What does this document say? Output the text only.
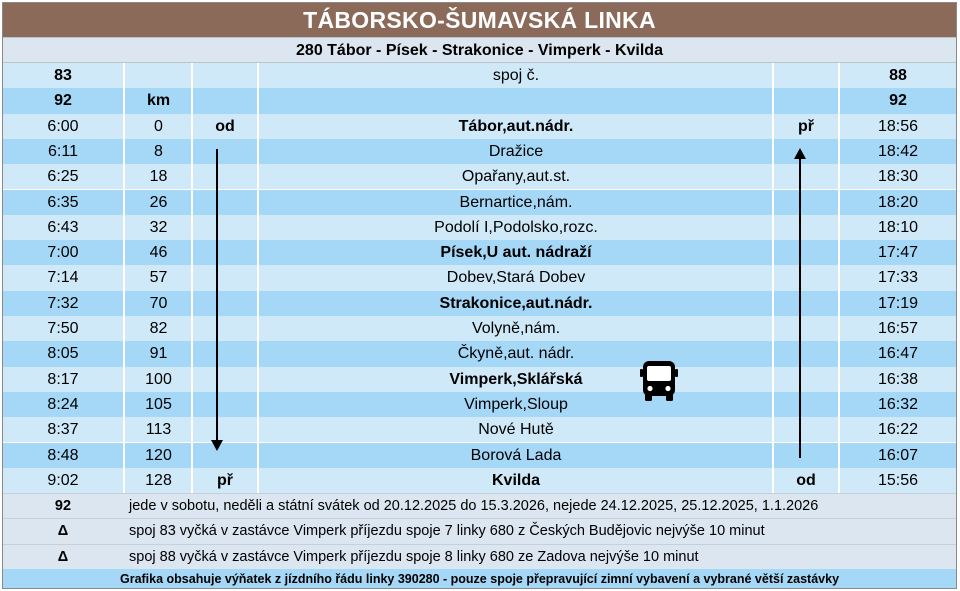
TÁBORSKO-ŠUMAVSKÁ LINKA
280 Tábor - Písek - Strakonice - Vimperk - Kvilda
83	spoj č.	88
92	km	92
6:00	0	od	Tábor,aut.nádr.	př	18:56
6:11	8	Dražice	18:42
6:25	18	Opařany,aut.st.	18:30
6:35	26	Bernartice,nám.	18:20
6:43	32	Podolí I,Podolsko,rozc.	18:10
7:00	46	Písek,U aut. nádraží	17:47
7:14	57	Dobev,Stará Dobev	17:33
7:32	70	Strakonice,aut.nádr.	17:19
7:50	82	Volyně,nám.	16:57
8:05	91	Čkyně,aut. nádr.	16:47
8:17	100	Vimperk,Sklářská	16:38
8:24	105	Vimperk,Sloup	16:32
8:37	113	Nové Hutě	16:22
8:48	120	Borová Lada	16:07
9:02	128	př	Kvilda	od	15:56
92	jede v sobotu, neděli a státní svátek od 20.12.2025 do 15.3.2026, nejede 24.12.2025, 25.12.2025, 1.1.2026
Δ	spoj 83 vyčká v zastávce Vimperk příjezdu spoje 7 linky 680 z Českých Budějovic nejvýše 10 minut
Δ	spoj 88 vyčká v zastávce Vimperk příjezdu spoje 8 linky 680 ze Zadova nejvýše 10 minut
Grafika obsahuje výňatek z jízdního řádu linky 390280 - pouze spoje přepravující zimní vybavení a vybrané větší zastávky
